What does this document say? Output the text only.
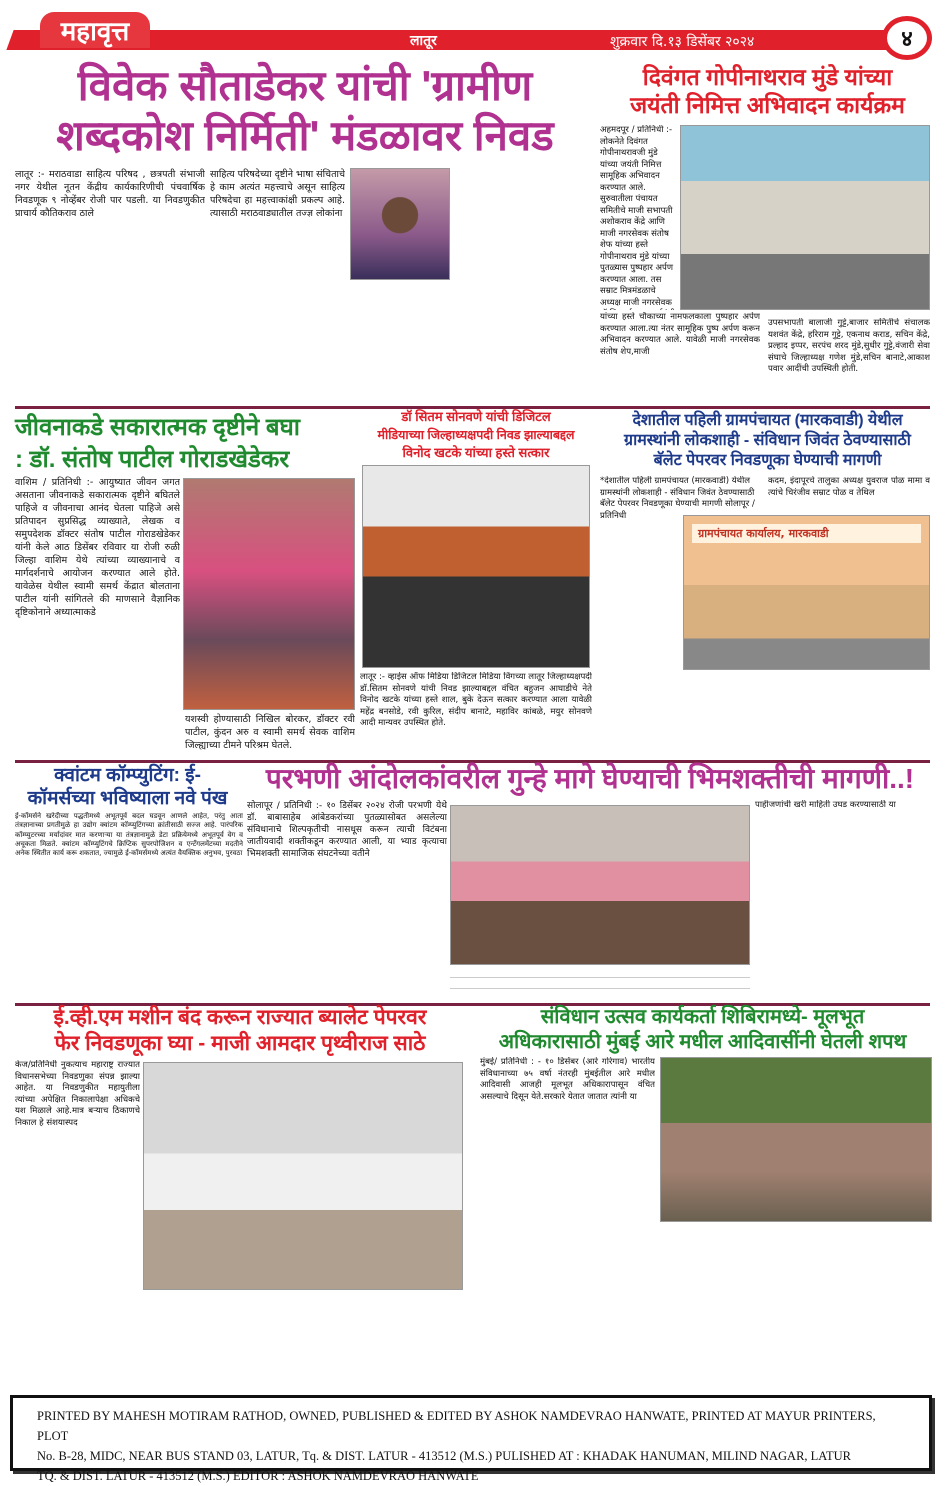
महावृत्त	लातूर	शुक्रवार दि.१३ डिसेंबर २०२४	४
विवेक सौताडेकर यांची 'ग्रामीण
शब्दकोश निर्मिती' मंडळावर निवड
लातूर :- मराठवाडा साहित्य परिषद , छत्रपती संभाजी नगर येथील नूतन केंद्रीय कार्यकारिणीची पंचवार्षिक निवडणूक ९ नोव्हेंबर रोजी पार पडली. या निवडणुकीत प्राचार्य कौतिकराव ठाले
साहित्य परिषदेच्या दृष्टीने भाषा संचिताचे हे काम अत्यंत महत्त्वाचे असून साहित्य परिषदेचा हा महत्त्वाकांक्षी प्रकल्प आहे. त्यासाठी मराठवाड्यातील तज्ज्ञ लोकांना
दिवंगत गोपीनाथराव मुंडे यांच्या
जयंती निमित्त अभिवादन कार्यक्रम
अहमदपूर / प्रतिनिधी :- लोकनेते दिवंगत गोपीनाथरावजी मुंडे यांच्या जयंती निमित्त सामूहिक अभिवादन करण्यात आले. सुरुवातीला पंचायत समितीचे माजी सभापती अशोकराव केंद्रे आणि माजी नगरसेवक संतोष शेफ यांच्या हस्ते गोपीनाथराव मुंडे यांच्या पुतळ्यास पुष्पहार अर्पण करण्यात आला. तस सम्राट मित्रमंडळाचे अध्यक्ष माजी नगरसेवक
यांच्या हस्ते चौकाच्या नामफलकाला पुष्पहार अर्पण करण्यात आला.त्या नंतर सामूहिक पुष्प अर्पण करून अभिवादन करण्यात आले. यावेळी माजी नगरसेवक संतोष शेप,माजी
उपसभापती बालाजी गुट्टे,बाजार समितीचे संचालक यशवंत केंद्रे, हरिराम गुट्टे, एकनाथ कराड, सचिन केंद्रे, प्रल्हाद इप्पर, सरपंच शरद मुंडे,सुधीर गुट्टे,वंजारी सेवा संघाचे जिल्हाध्यक्ष गणेश मुंडे,सचिन बानाटे,आकाश पवार आदींची उपस्थिती होती.
जीवनाकडे सकारात्मक दृष्टीने बघा
: डॉ. संतोष पाटील गोराडखेडेकर
वाशिम / प्रतिनिधी :- आयुष्यात जीवन जगत असताना जीवनाकडे सकारात्मक दृष्टीने बघितले पाहिजे व जीवनाचा आनंद घेतला पाहिजे असे प्रतिपादन सुप्रसिद्ध व्याख्याते, लेखक व समुपदेशक डॉक्टर संतोष पाटील गोराडखेडेकर यांनी केले आठ डिसेंबर रविवार या रोजी रुळी जिल्हा वाशिम येथे त्यांच्या व्याख्यानाचे व मार्गदर्शनाचे आयोजन करण्यात आले होते. यावेळेस येथील स्वामी समर्थ केंद्रात बोलताना पाटील यांनी सांगितले की माणसाने वैज्ञानिक दृष्टिकोनाने अध्यात्माकडे
यशस्वी होण्यासाठी निखिल बोरकर, डॉक्टर रवी पाटील, कुंदन अरु व स्वामी समर्थ सेवक वाशिम जिल्ह्याच्या टीमने परिश्रम घेतले.
डॉ सितम सोनवणे यांची डिजिटल
मीडियाच्या जिल्हाध्यक्षपदी निवड झाल्याबद्दल
विनोद खटके यांच्या हस्ते सत्कार
लातूर :- व्हाईस ऑफ मिडिया डिजिटल मिडिया विंगच्या लातूर जिल्हाध्यक्षपदी डॉ.सितम सोनवणे यांची निवड झाल्याबद्दल वंचित बहुजन आघाडीचे नेते विनोद खटके यांच्या हस्ते शाल, बुके देऊन सत्कार करण्यात आला यावेळी महेंद्र बनसोडे, रवी कुरिल, संदीप बानाटे, महाविर कांबळे, मयुर सोनवणे आदी मान्यवर उपस्थित होते.
देशातील पहिली ग्रामपंचायत (मारकवाडी) येथील
ग्रामस्थांनी लोकशाही - संविधान जिवंत ठेवण्यासाठी
बॅलेट पेपरवर निवडणूका घेण्याची मागणी
*देशातील पहिली ग्रामपंचायत (मारकवाडी) येथील ग्रामस्थांनी लोकशाही - संविधान जिवंत ठेवण्यासाठी बॅलेट पेपरवर निवडणूका घेण्याची मागणी सोलापूर / प्रतिनिधी
कदम, इंदापूरचे तालुका अध्यक्ष युवराज पोळ मामा व त्यांचे चिरंजीव सम्राट पोळ व तेथिल
ग्रामपंचायत कार्यालय, मारकवाडी
क्वांटम कॉम्प्युटिंग: ई-
कॉमर्सच्या भविष्याला नवे पंख
ई-कॉमर्सने खरेदीच्या पद्धतीमध्ये अभूतपूर्व बदल घडवून आणले आहेत, परंतु आता तंत्रज्ञानाच्या प्रगतीमुळे हा उद्योग क्वांटम कॉम्प्युटिंगच्या क्रांतीसाठी सज्ज आहे. पारंपरिक कॉम्प्युटरच्या मर्यादांवर मात करणाऱ्या या तंत्रज्ञानामुळे डेटा प्रक्रियेमध्ये अभूतपूर्व वेग व अचूकता मिळते. क्वांटम कॉम्प्युटिंगचे क्रिप्टिक सुपरपोजिशन व एन्टँगलमेंटच्या मदतीने अनेक स्थितीत कार्य करू शकतात, ज्यामुळे ई-कॉमर्समध्ये अत्यंत वैयक्तिक अनुभव, पुरवठा
परभणी आंदोलकांवरील गुन्हे मागे घेण्याची भिमशक्तीची मागणी..!
सोलापूर / प्रतिनिधी :- १० डिसेंबर २०२४ रोजी परभणी येथे डॉ. बाबासाहेब आंबेडकरांच्या पुतळ्यासोबत असलेल्या संविधानाचे शिल्पकृतीची नासधूस करून त्याची विटंबना जातीयवादी शक्तीकडून करण्यात आली, या भ्याड कृत्याचा भिमशक्ती सामाजिक संघटनेच्या वतीने
पाहीजणांची खरी माहिती उघड करण्यासाठी या
ई.व्ही.एम मशीन बंद करून राज्यात ब्यालेट पेपरवर
फेर निवडणूका घ्या - माजी आमदार पृथ्वीराज साठे
केज/प्रतिनिधी नुकत्याच महाराष्ट्र राज्यात विधानसभेच्या निवडणुका संपन्न झाल्या आहेत. या निवडणुकीत महायुतीला त्यांच्या अपेक्षित निकालापेक्षा अधिकचे यश मिळाले आहे.मात्र बऱ्याच ठिकाणचे निकाल हे संशयास्पद
संविधान उत्सव कार्यकर्ता शिबिरामध्ये- मूलभूत
अधिकारासाठी मुंबई आरे मधील आदिवासींनी घेतली शपथ
मुंबई/ प्रतिनिधी : - १० डिसेंबर (आरे गोरेगाव) भारतीय संविधानाच्या ७५ वर्षा नंतरही मुंबईतील आरे मधील आदिवासी आजही मूलभूत अधिकारापासून वंचित असल्याचे दिसून येते.सरकारे येतात जातात त्यांनी या
PRINTED BY MAHESH MOTIRAM RATHOD, OWNED, PUBLISHED & EDITED BY ASHOK NAMDEVRAO HANWATE, PRINTED AT MAYUR PRINTERS, PLOT
No. B-28, MIDC, NEAR BUS STAND 03, LATUR, Tq. & DIST. LATUR - 413512 (M.S.) PULISHED AT : KHADAK HANUMAN, MILIND NAGAR, LATUR
TQ. & DIST. LATUR - 413512 (M.S.) EDITOR : ASHOK NAMDEVRAO HANWATE
